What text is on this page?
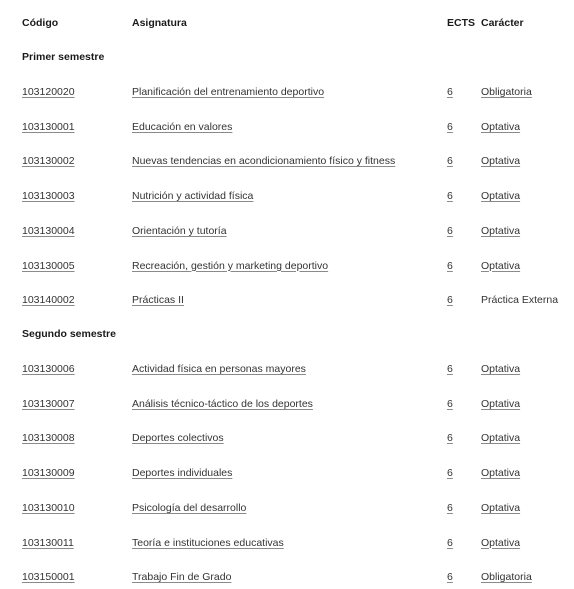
Código	Asignatura	ECTS Carácter
Primer semestre
103120020	Planificación del entrenamiento deportivo	6	Obligatoria
103130001	Educación en valores	6	Optativa
103130002	Nuevas tendencias en acondicionamiento físico y fitness	6	Optativa
103130003	Nutrición y actividad física	6	Optativa
103130004	Orientación y tutoría	6	Optativa
103130005	Recreación, gestión y marketing deportivo	6	Optativa
103140002	Prácticas II	6	Práctica Externa
Segundo semestre
103130006	Actividad física en personas mayores	6	Optativa
103130007	Análisis técnico-táctico de los deportes	6	Optativa
103130008	Deportes colectivos	6	Optativa
103130009	Deportes individuales	6	Optativa
103130010	Psicología del desarrollo	6	Optativa
103130011	Teoría e instituciones educativas	6	Optativa
103150001	Trabajo Fin de Grado	6	Obligatoria
